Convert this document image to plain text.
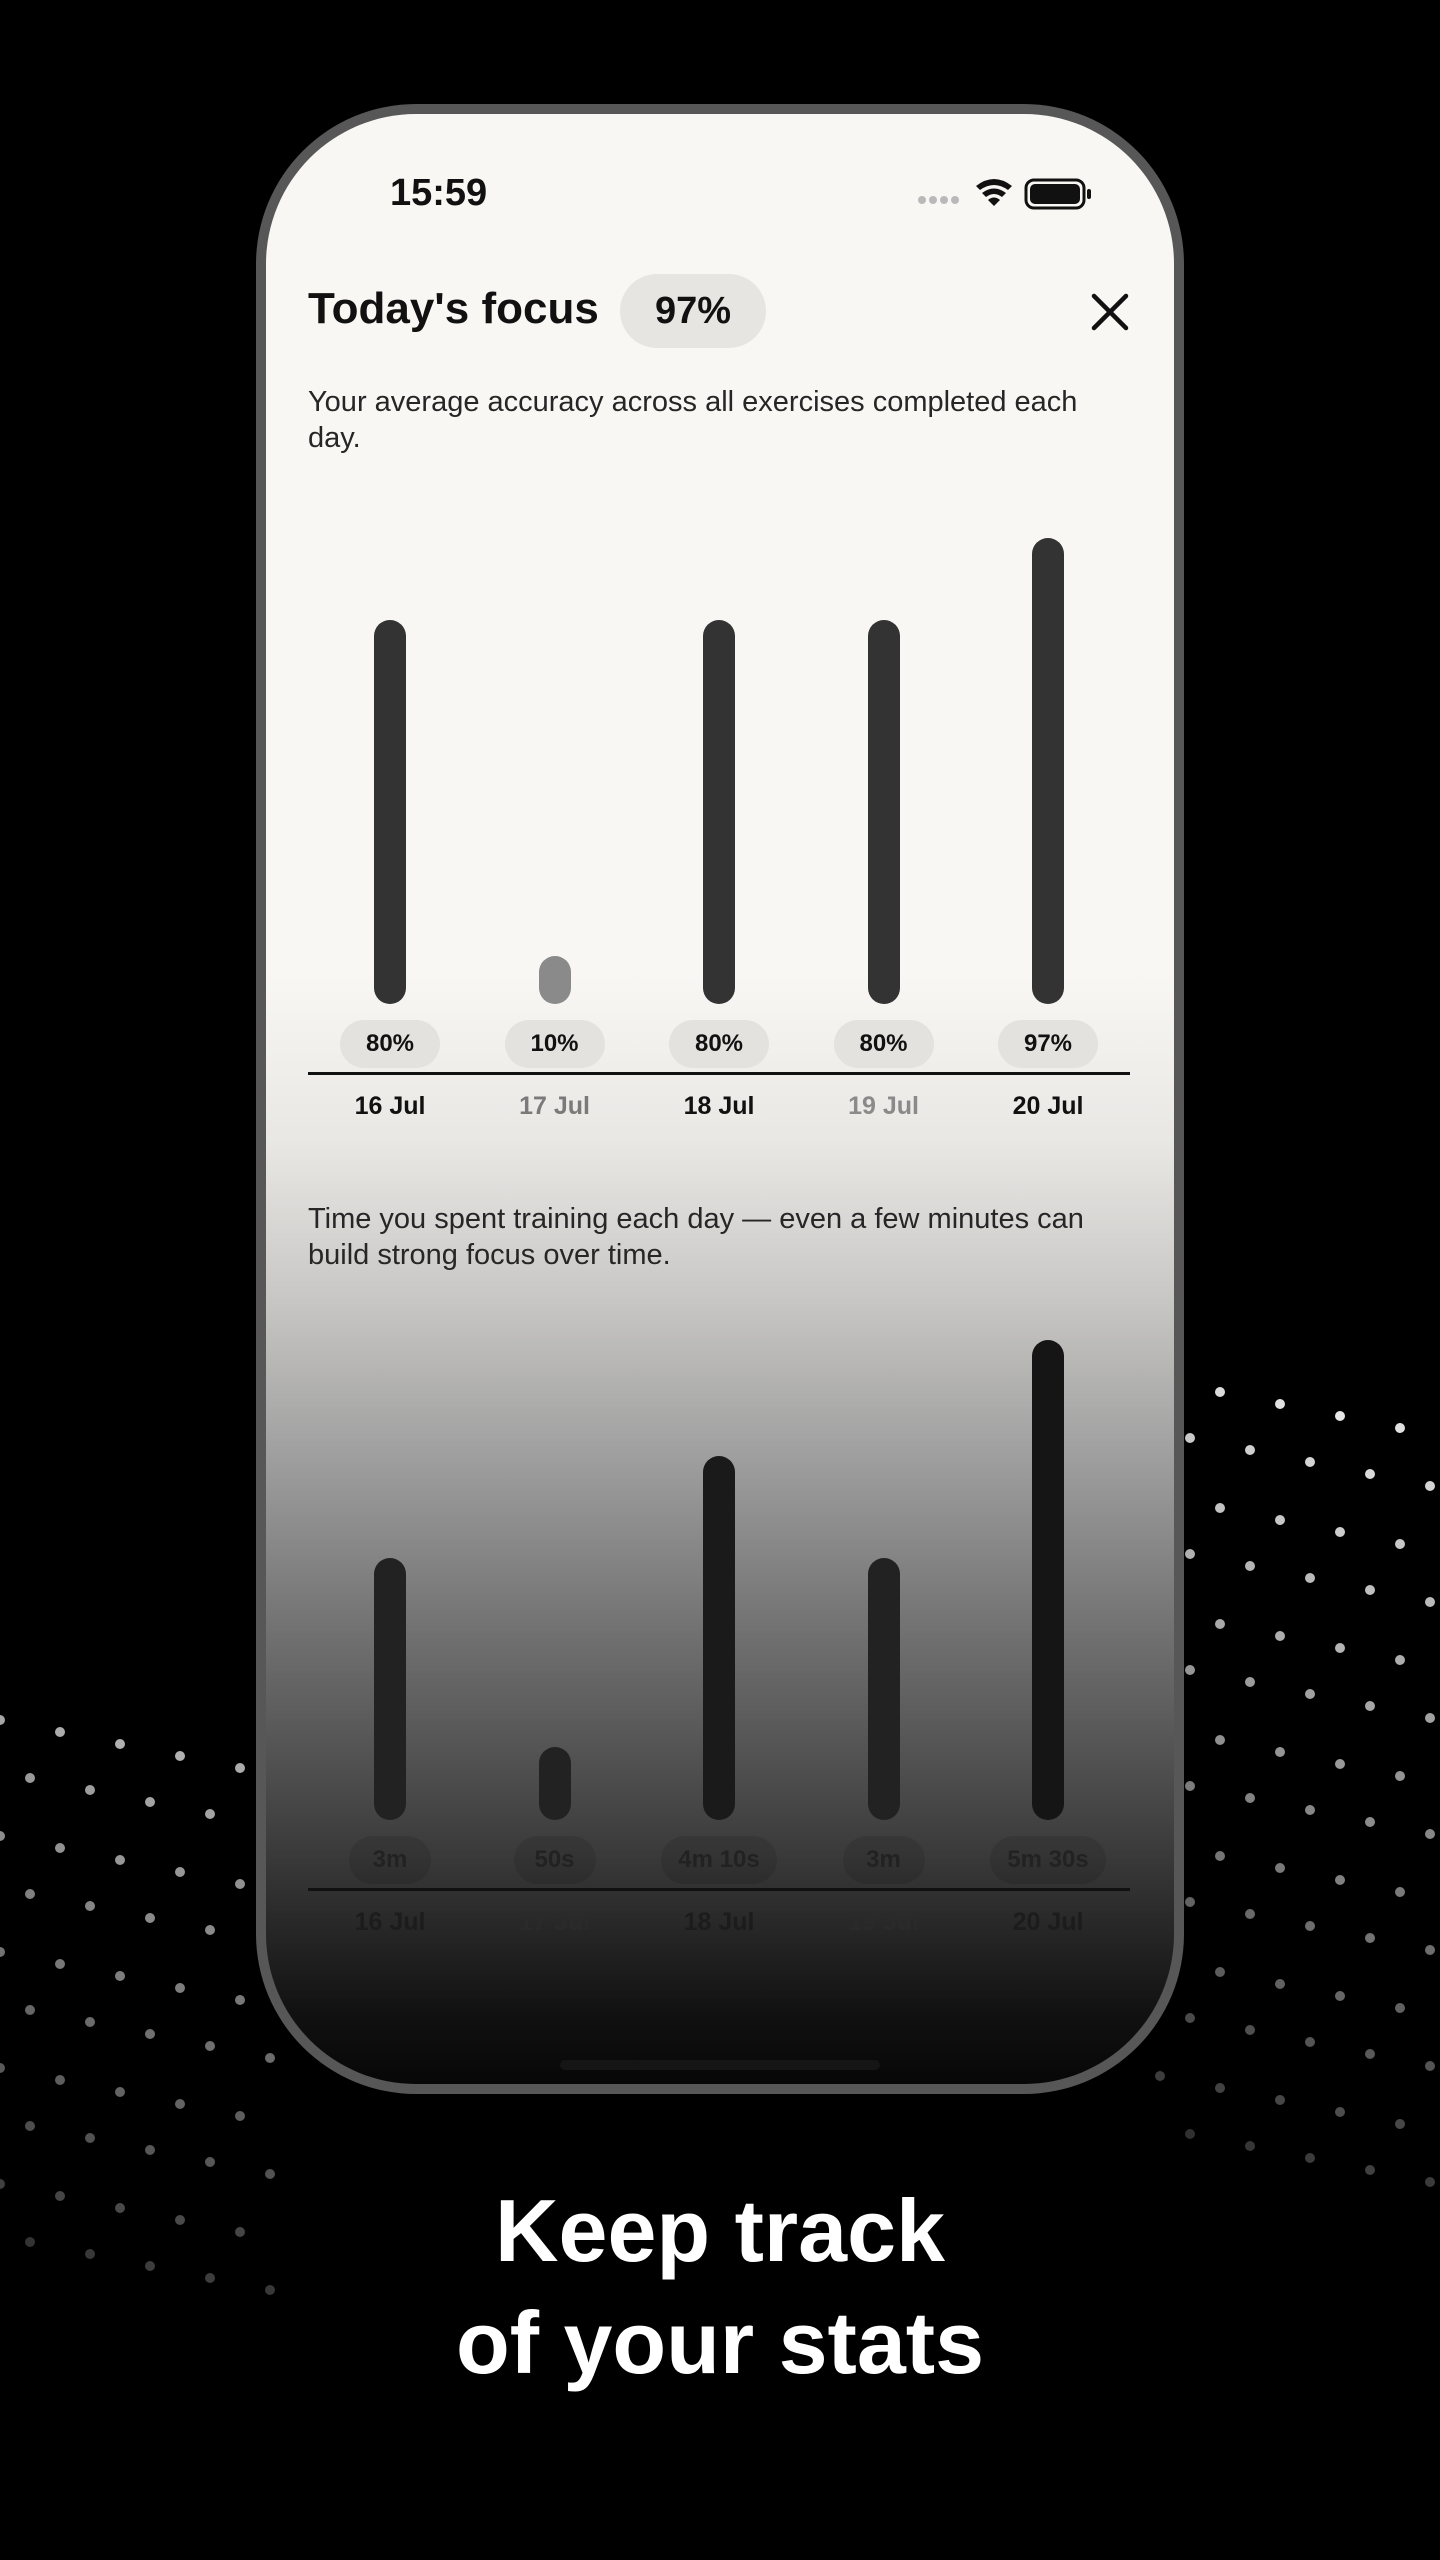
15:59
Today's focus	97%
Your average accuracy across all exercises completed each day.
80%
16 Jul
10%
17 Jul
80%
18 Jul
80%
19 Jul
97%
20 Jul
Time you spent training each day — even a few minutes can build strong focus over time.
3m
16 Jul
50s
17 Jul
4m 10s
18 Jul
3m
19 Jul
5m 30s
20 Jul
Keep track
of your stats
